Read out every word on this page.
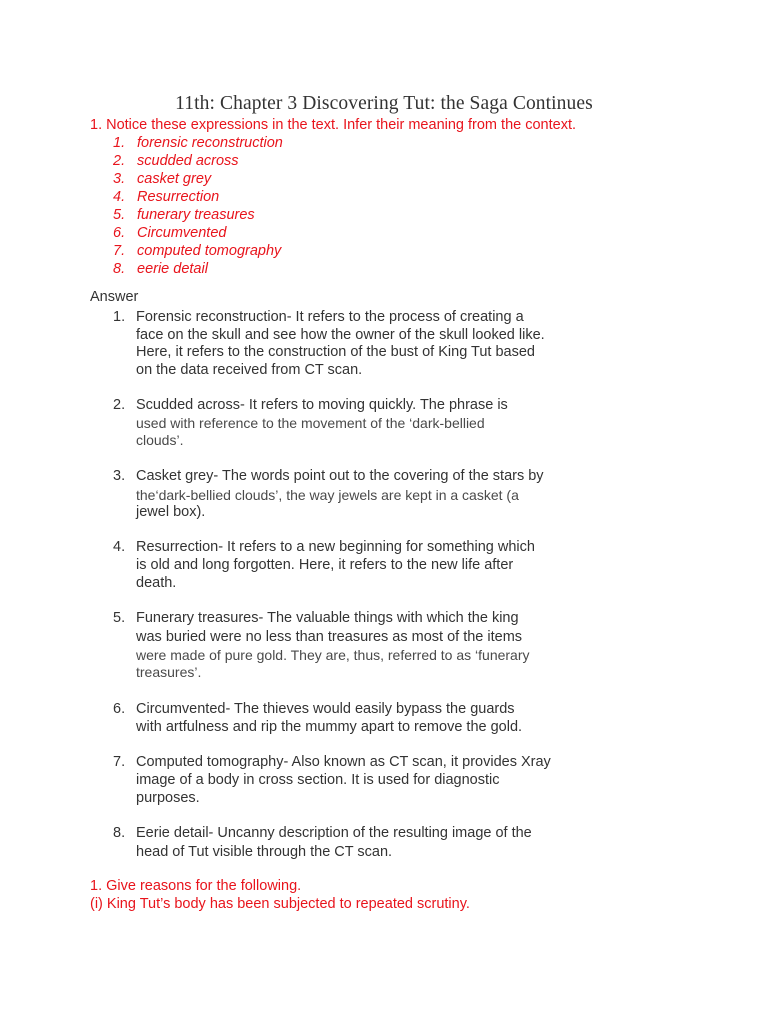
11th: Chapter 3 Discovering Tut: the Saga Continues
1. Notice these expressions in the text. Infer their meaning from the context.
1. forensic reconstruction
2. scudded across
3. casket grey
4. Resurrection
5. funerary treasures
6. Circumvented
7. computed tomography
8. eerie detail
Answer
1. Forensic reconstruction- It refers to the process of creating a
face on the skull and see how the owner of the skull looked like.
Here, it refers to the construction of the bust of King Tut based
on the data received from CT scan.
2. Scudded across- It refers to moving quickly. The phrase is
used with reference to the movement of the ‘dark-bellied
clouds’.
3. Casket grey- The words point out to the covering of the stars by
the‘dark-bellied clouds’, the way jewels are kept in a casket (a
jewel box).
4. Resurrection- It refers to a new beginning for something which
is old and long forgotten. Here, it refers to the new life after
death.
5. Funerary treasures- The valuable things with which the king
was buried were no less than treasures as most of the items
were made of pure gold. They are, thus, referred to as ‘funerary
treasures’.
6. Circumvented- The thieves would easily bypass the guards
with artfulness and rip the mummy apart to remove the gold.
7. Computed tomography- Also known as CT scan, it provides Xray
image of a body in cross section. It is used for diagnostic
purposes.
8. Eerie detail- Uncanny description of the resulting image of the
head of Tut visible through the CT scan.
1. Give reasons for the following.
(i) King Tut’s body has been subjected to repeated scrutiny.
